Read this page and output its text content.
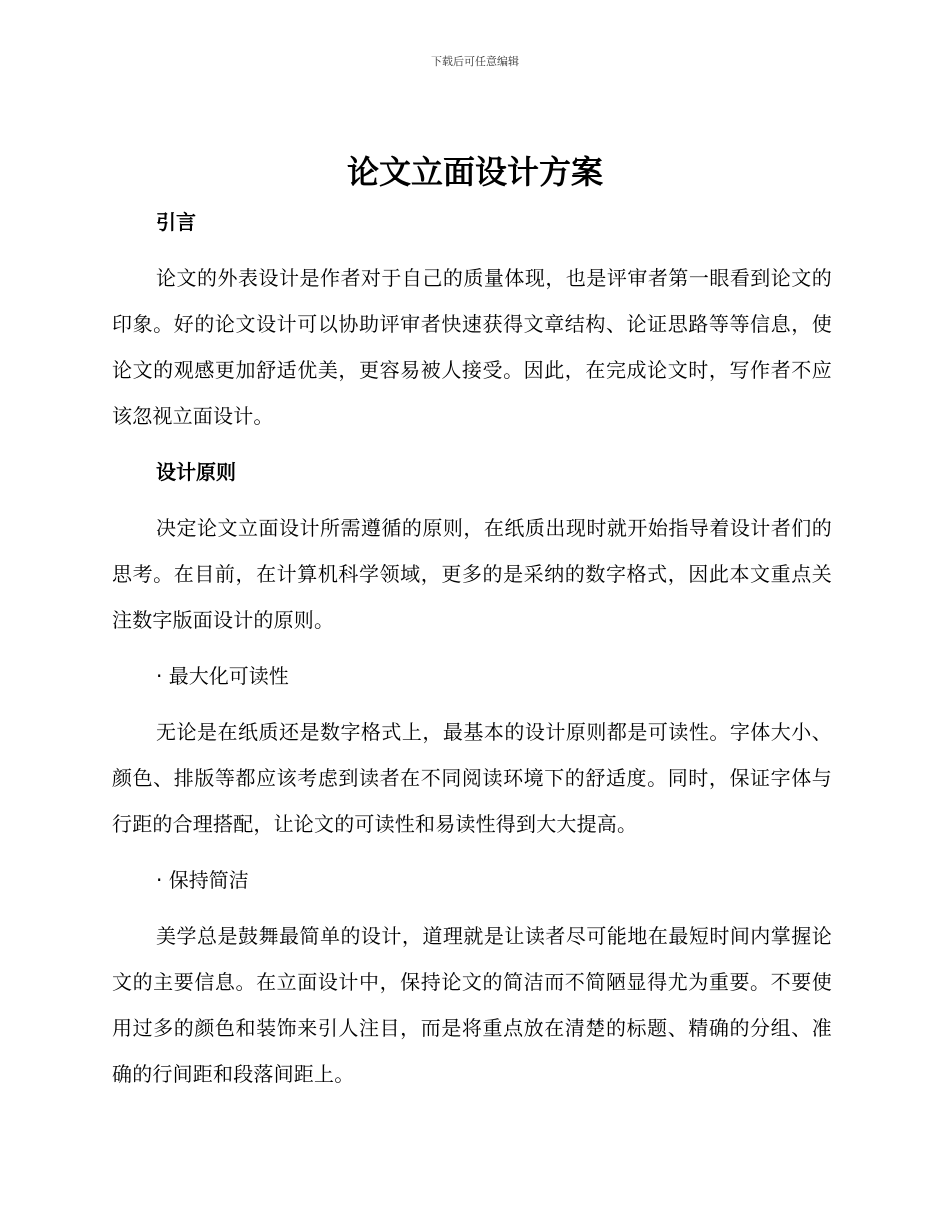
下载后可任意编辑
论文立面设计方案
引言

论文的外表设计是作者对于自己的质量体现，也是评审者第一眼看到论文的印象。好的论文设计可以协助评审者快速获得文章结构、论证思路等等信息，使论文的观感更加舒适优美，更容易被人接受。因此，在完成论文时，写作者不应该忽视立面设计。

设计原则

决定论文立面设计所需遵循的原则，在纸质出现时就开始指导着设计者们的思考。在目前，在计算机科学领域，更多的是采纳的数字格式，因此本文重点关注数字版面设计的原则。

· 最大化可读性

无论是在纸质还是数字格式上，最基本的设计原则都是可读性。字体大小、颜色、排版等都应该考虑到读者在不同阅读环境下的舒适度。同时，保证字体与行距的合理搭配，让论文的可读性和易读性得到大大提高。

· 保持简洁

美学总是鼓舞最简单的设计，道理就是让读者尽可能地在最短时间内掌握论文的主要信息。在立面设计中，保持论文的简洁而不简陋显得尤为重要。不要使用过多的颜色和装饰来引人注目，而是将重点放在清楚的标题、精确的分组、准确的行间距和段落间距上。
